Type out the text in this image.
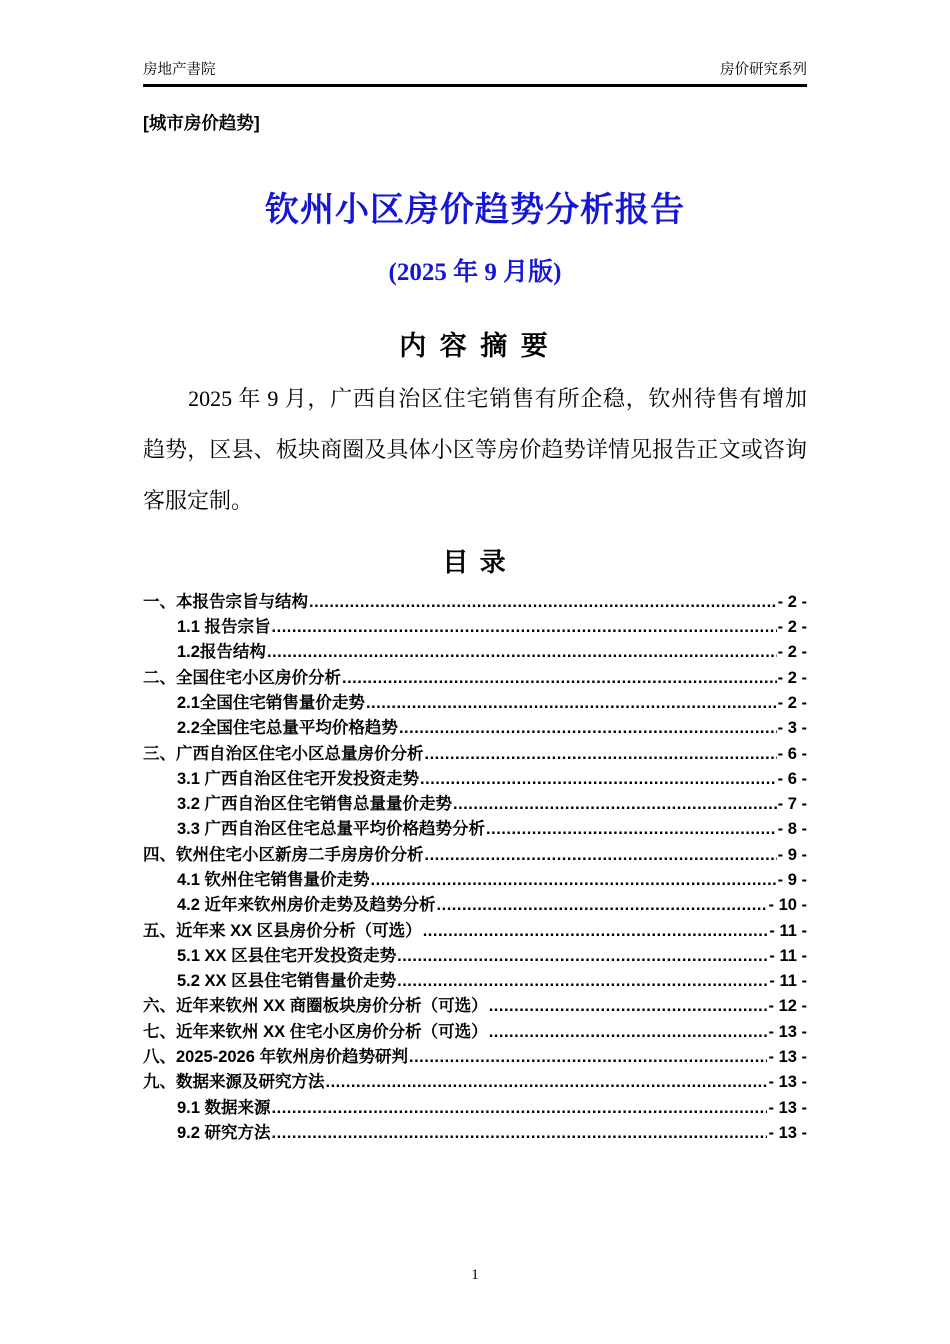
房地产書院	房价研究系列
[城市房价趋势]
钦州小区房价趋势分析报告
(2025 年 9 月版)
内 容 摘 要

2025 年 9 月，广西自治区住宅销售有所企稳，钦州待售有增加趋势，区县、板块商圈及具体小区等房价趋势详情见报告正文或咨询客服定制。

目 录
一、本报告宗旨与结构 .....	- 2 -
1.1 报告宗旨 .....	- 2 -
1.2报告结构 .....	- 2 -
二、全国住宅小区房价分析 .....	- 2 -
2.1全国住宅销售量价走势 .....	- 2 -
2.2全国住宅总量平均价格趋势 .....	- 3 -
三、广西自治区住宅小区总量房价分析 .....	- 6 -
3.1 广西自治区住宅开发投资走势 .....	- 6 -
3.2 广西自治区住宅销售总量量价走势 .....	- 7 -
3.3 广西自治区住宅总量平均价格趋势分析 .....	- 8 -
四、钦州住宅小区新房二手房房价分析 .....	- 9 -
4.1 钦州住宅销售量价走势 .....	- 9 -
4.2 近年来钦州房价走势及趋势分析 .....	- 10 -
五、近年来 XX 区县房价分析（可选） .....	- 11 -
5.1 XX 区县住宅开发投资走势 .....	- 11 -
5.2 XX 区县住宅销售量价走势 .....	- 11 -
六、近年来钦州 XX 商圈板块房价分析（可选） .....	- 12 -
七、近年来钦州 XX 住宅小区房价分析（可选） .....	- 13 -
八、2025-2026 年钦州房价趋势研判 .....	- 13 -
九、数据来源及研究方法 .....	- 13 -
9.1 数据来源 .....	- 13 -
9.2 研究方法 .....	- 13 -
1
